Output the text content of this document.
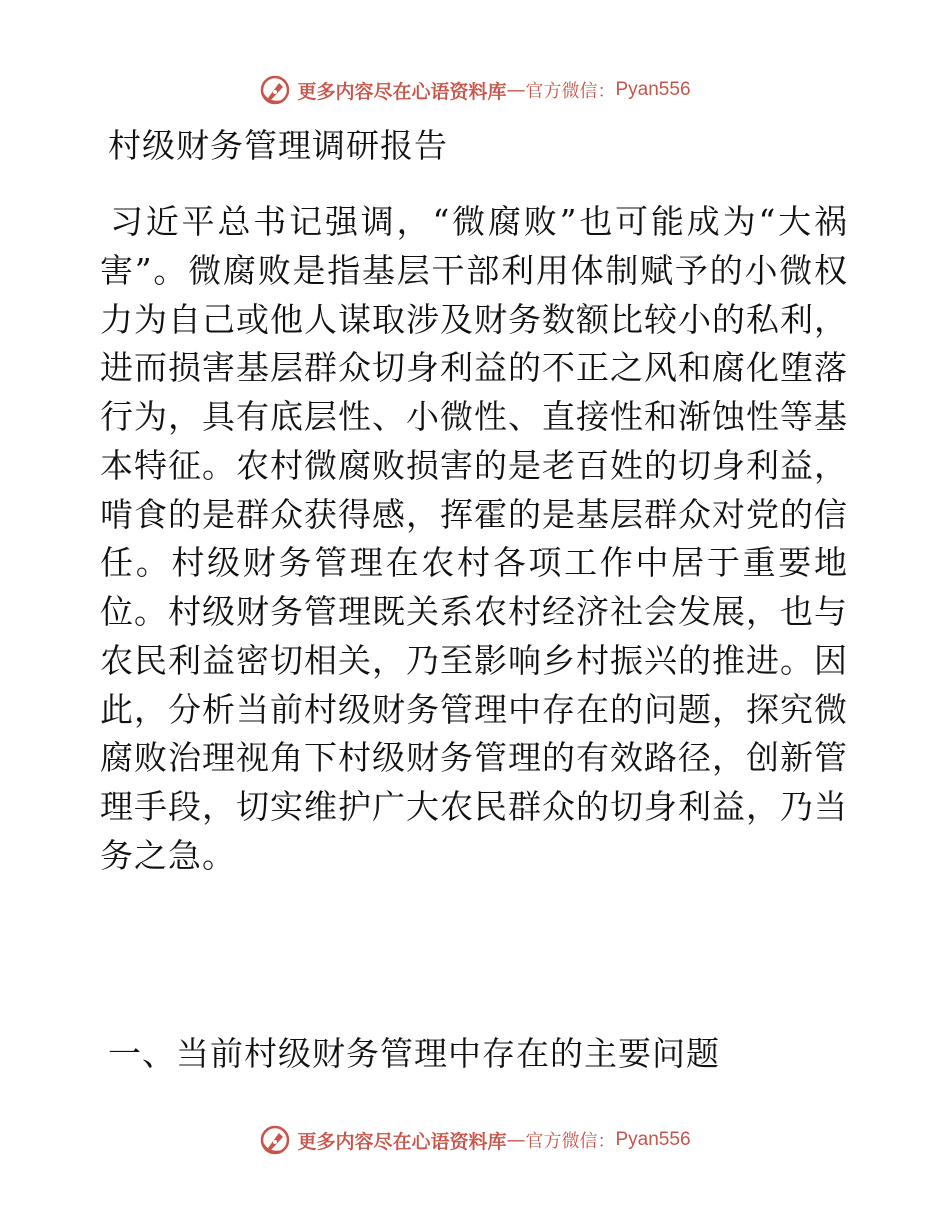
更多内容尽在心语资料库 — 官方微信： Pyan556
村级财务管理调研报告

习近平总书记强调，“微腐败”也可能成为“大祸害”。微腐败是指基层干部利用体制赋予的小微权力为自己或他人谋取涉及财务数额比较小的私利，进而损害基层群众切身利益的不正之风和腐化堕落行为，具有底层性、小微性、直接性和渐蚀性等基本特征。农村微腐败损害的是老百姓的切身利益，啃食的是群众获得感，挥霍的是基层群众对党的信任。村级财务管理在农村各项工作中居于重要地位。村级财务管理既关系农村经济社会发展，也与农民利益密切相关，乃至影响乡村振兴的推进。因此，分析当前村级财务管理中存在的问题，探究微腐败治理视角下村级财务管理的有效路径，创新管理手段，切实维护广大农民群众的切身利益，乃当务之急。

一、当前村级财务管理中存在的主要问题
更多内容尽在心语资料库 — 官方微信： Pyan556
